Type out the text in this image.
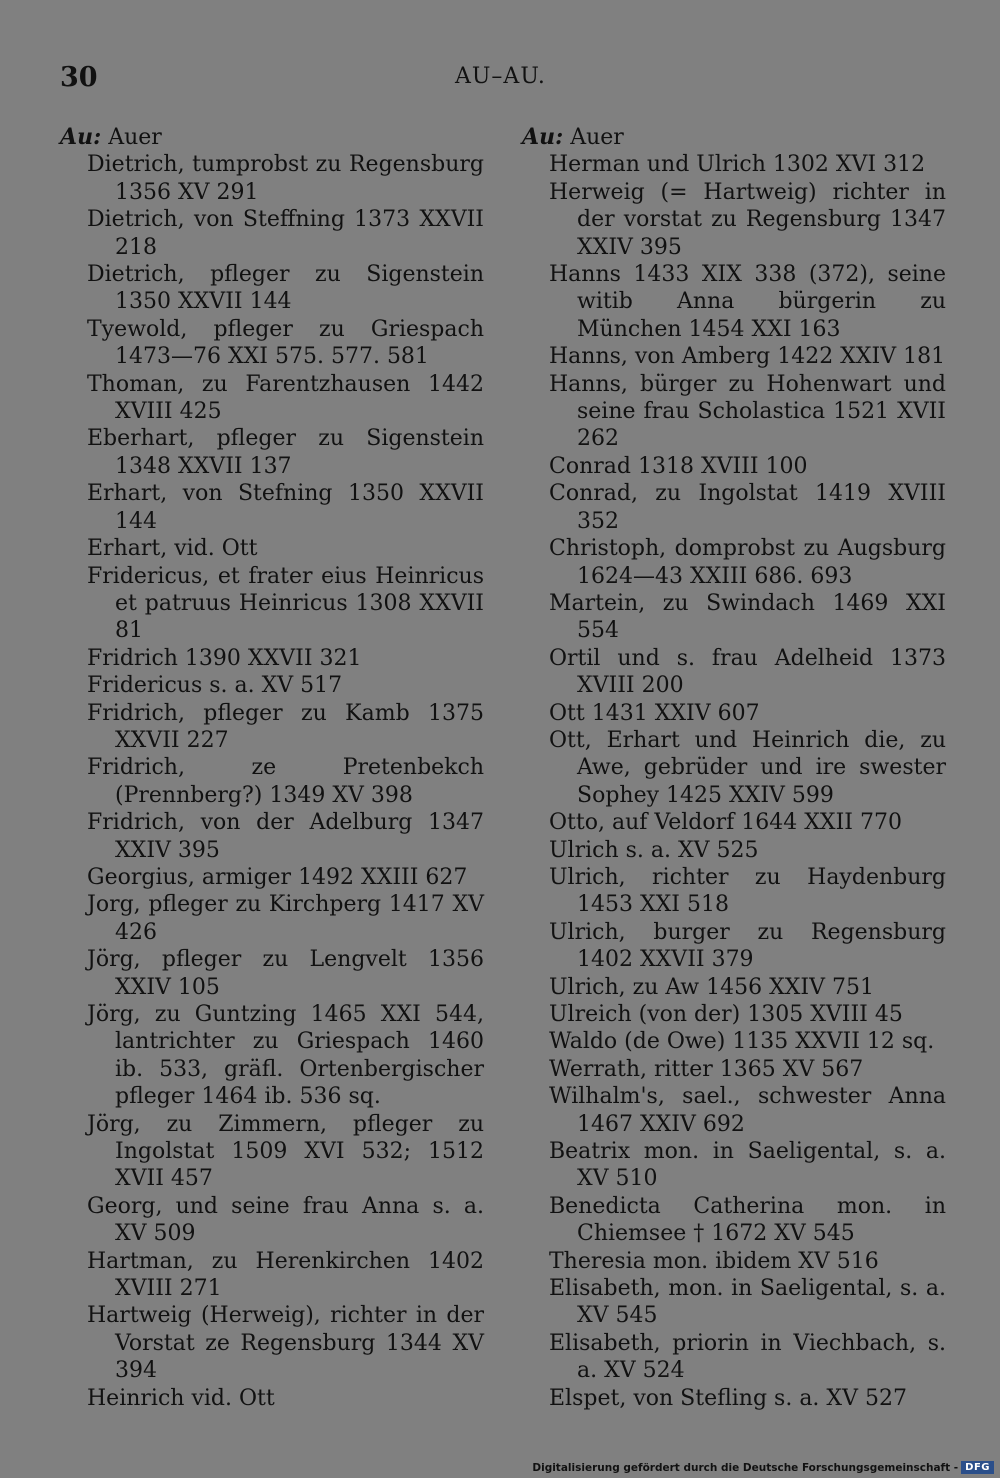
30	AU–AU.

Au: Auer

Dietrich, tumprobst zu Regensburg 1356 XV 291

Dietrich, von Steffning 1373 XXVII 218

Dietrich, pfleger zu Sigenstein 1350 XXVII 144

Tyewold, pfleger zu Griespach 1473—76 XXI 575. 577. 581

Thoman, zu Farentzhausen 1442 XVIII 425

Eberhart, pfleger zu Sigenstein 1348 XXVII 137

Erhart, von Stefning 1350 XXVII 144

Erhart, vid. Ott

Fridericus, et frater eius Heinricus et patruus Heinricus 1308 XXVII 81

Fridrich 1390 XXVII 321

Fridericus s. a. XV 517

Fridrich, pfleger zu Kamb 1375 XXVII 227

Fridrich, ze Pretenbekch (Prennberg?) 1349 XV 398

Fridrich, von der Adelburg 1347 XXIV 395

Georgius, armiger 1492 XXIII 627

Jorg, pfleger zu Kirchperg 1417 XV 426

Jörg, pfleger zu Lengvelt 1356 XXIV 105

Jörg, zu Guntzing 1465 XXI 544, lantrichter zu Griespach 1460 ib. 533, gräfl. Ortenbergischer pfleger 1464 ib. 536 sq.

Jörg, zu Zimmern, pfleger zu Ingolstat 1509 XVI 532; 1512 XVII 457

Georg, und seine frau Anna s. a. XV 509

Hartman, zu Herenkirchen 1402 XVIII 271

Hartweig (Herweig), richter in der Vorstat ze Regensburg 1344 XV 394

Heinrich vid. Ott

Au: Auer

Herman und Ulrich 1302 XVI 312

Herweig (= Hartweig) richter in der vorstat zu Regensburg 1347 XXIV 395

Hanns 1433 XIX 338 (372), seine witib Anna bürgerin zu München 1454 XXI 163

Hanns, von Amberg 1422 XXIV 181

Hanns, bürger zu Hohenwart und seine frau Scholastica 1521 XVII 262

Conrad 1318 XVIII 100

Conrad, zu Ingolstat 1419 XVIII 352

Christoph, domprobst zu Augsburg 1624—43 XXIII 686. 693

Martein, zu Swindach 1469 XXI 554

Ortil und s. frau Adelheid 1373 XVIII 200

Ott 1431 XXIV 607

Ott, Erhart und Heinrich die, zu Awe, gebrüder und ire swester Sophey 1425 XXIV 599

Otto, auf Veldorf 1644 XXII 770

Ulrich s. a. XV 525

Ulrich, richter zu Haydenburg 1453 XXI 518

Ulrich, burger zu Regensburg 1402 XXVII 379

Ulrich, zu Aw 1456 XXIV 751

Ulreich (von der) 1305 XVIII 45

Waldo (de Owe) 1135 XXVII 12 sq.

Werrath, ritter 1365 XV 567

Wilhalm's, sael., schwester Anna 1467 XXIV 692

Beatrix mon. in Saeligental, s. a. XV 510

Benedicta Catherina mon. in Chiemsee † 1672 XV 545

Theresia mon. ibidem XV 516

Elisabeth, mon. in Saeligental, s. a. XV 545

Elisabeth, priorin in Viechbach, s. a. XV 524

Elspet, von Stefling s. a. XV 527

Digitalisierung gefördert durch die Deutsche Forschungsgemeinschaft - DFG
